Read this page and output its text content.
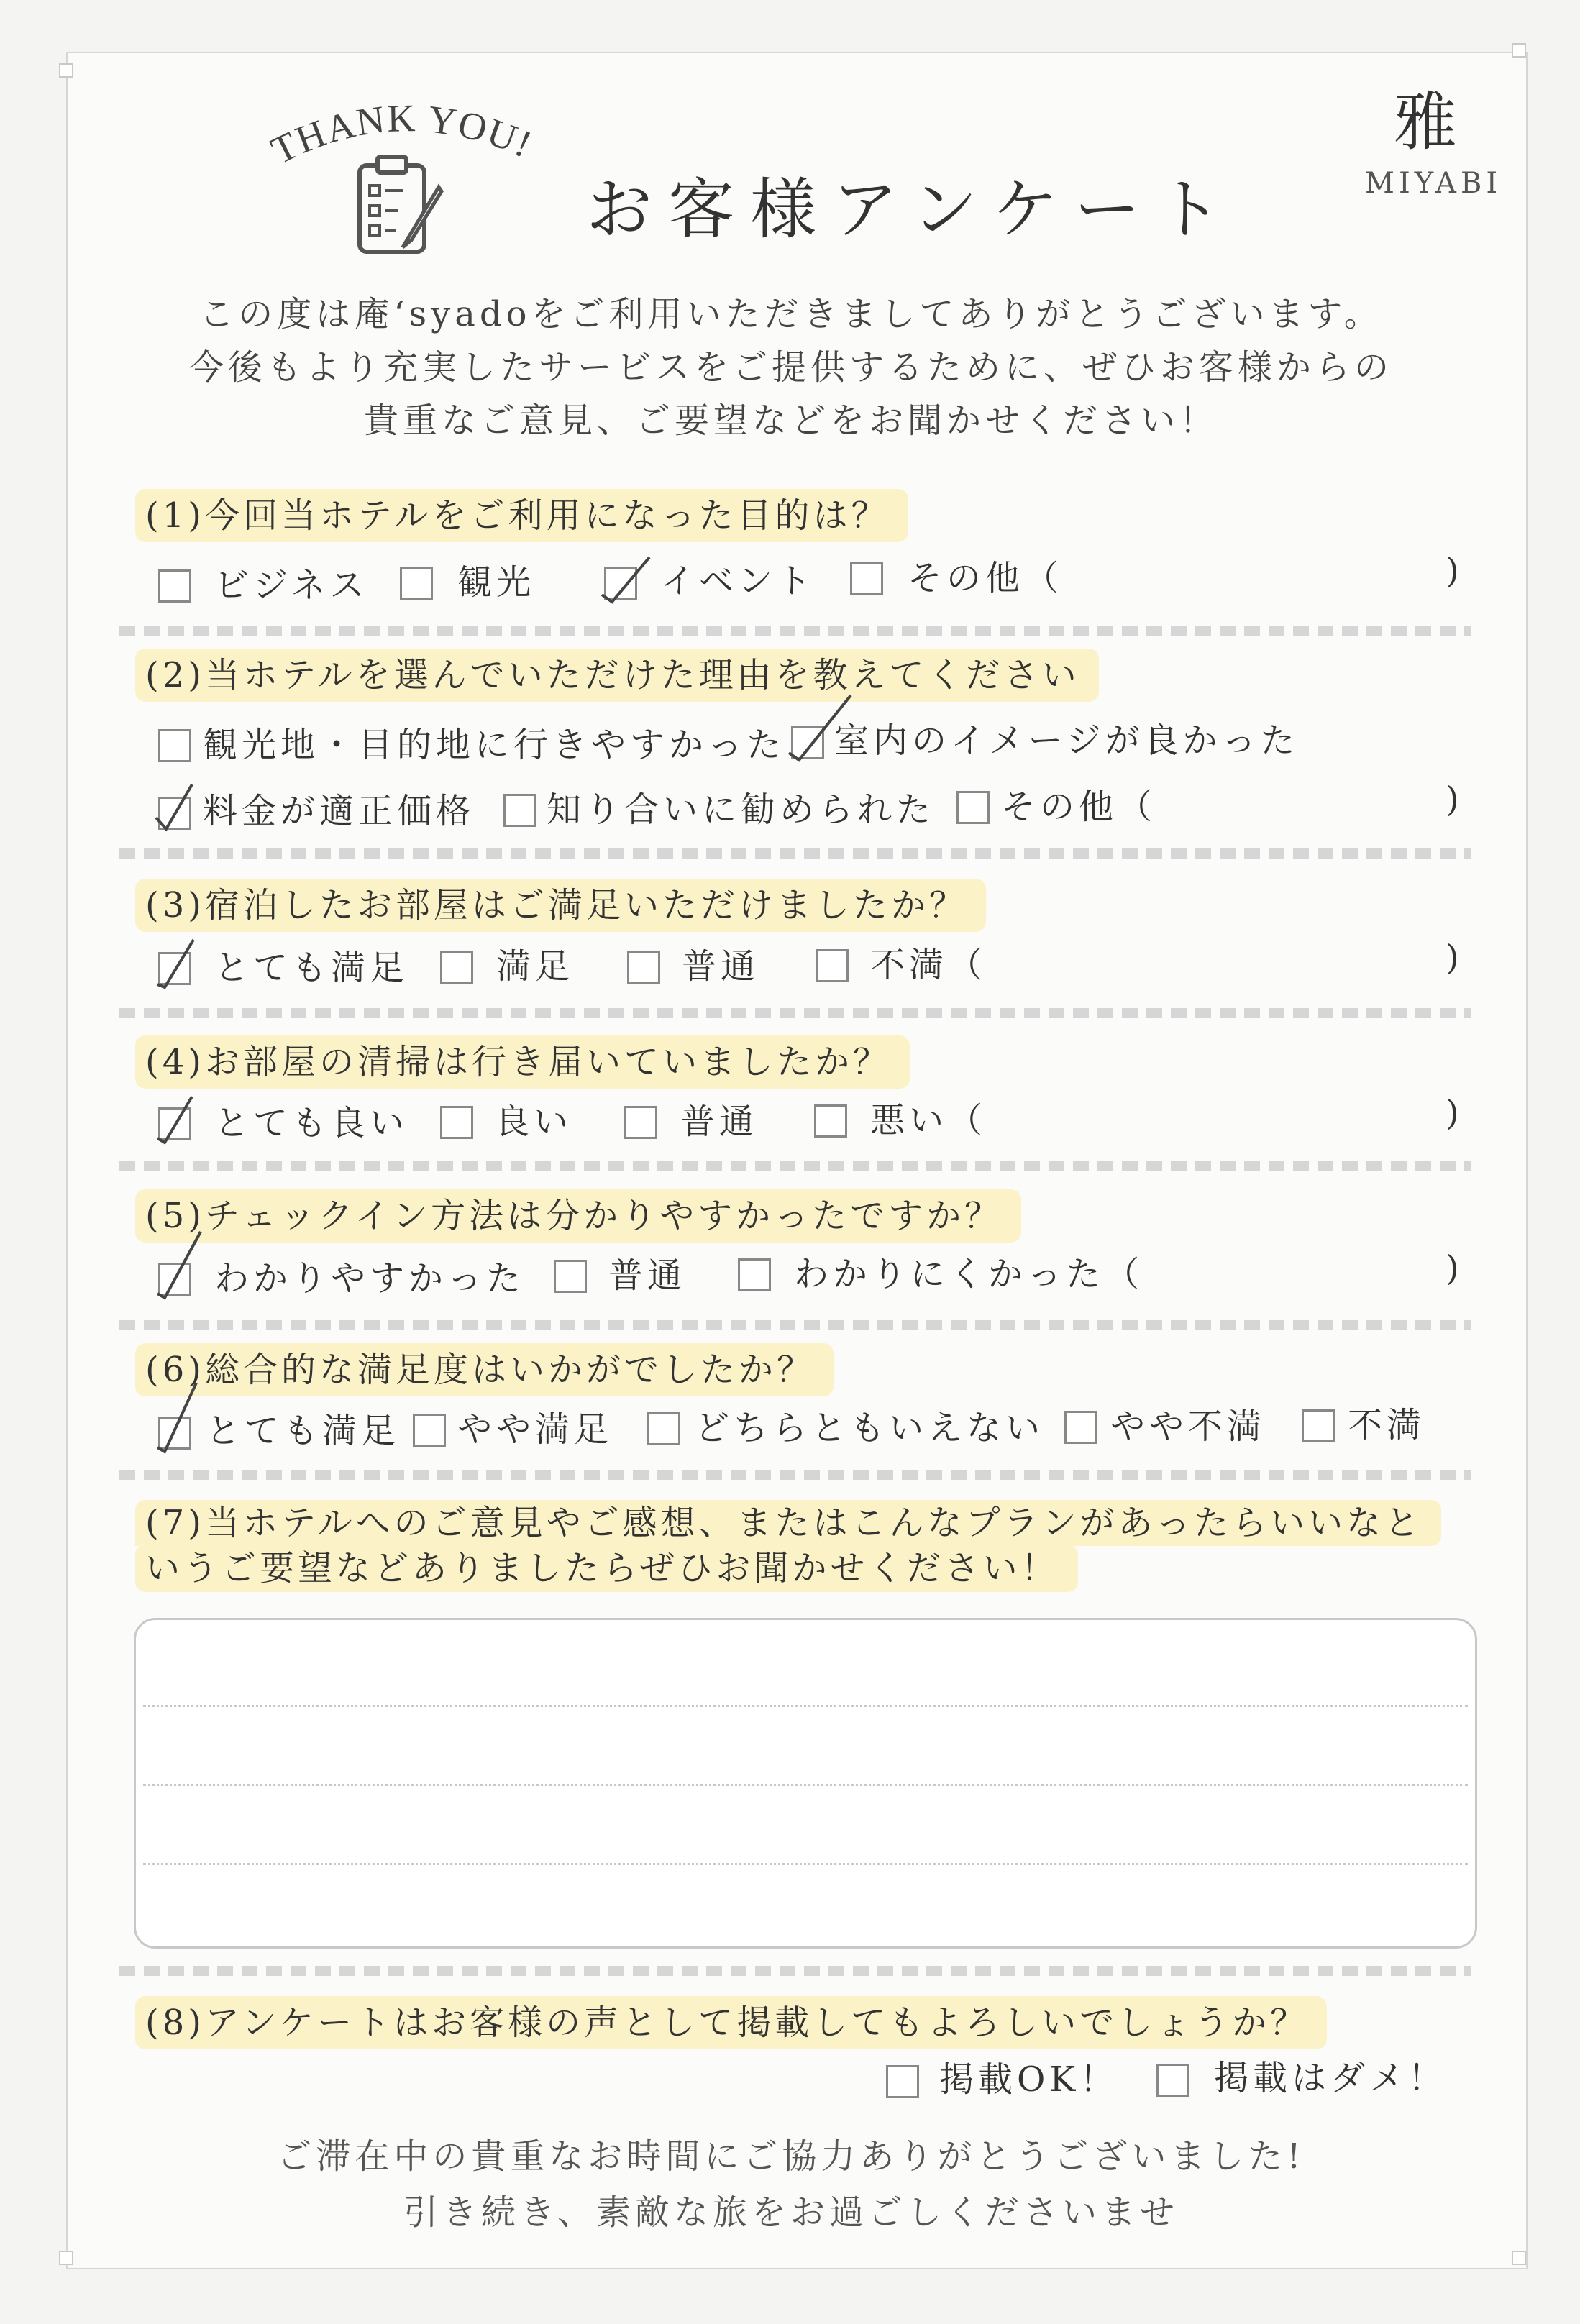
THANK YOU!
お客様アンケート
雅
MIYABI
この度は庵‘syadoをご利用いただきましてありがとうございます。
今後もより充実したサービスをご提供するために、ぜひお客様からの
貴重なご意見、ご要望などをお聞かせください！
(1)今回当ホテルをご利用になった目的は？
ビジネス	観光	イベント	その他（	)
(2)当ホテルを選んでいただけた理由を教えてください
観光地・目的地に行きやすかった 室内のイメージが良かった
料金が適正価格 知り合いに勧められた その他（	)
(3)宿泊したお部屋はご満足いただけましたか？
とても満足	満足	普通	不満（	)
(4)お部屋の清掃は行き届いていましたか？
とても良い 良い	普通	悪い（	)
(5)チェックイン方法は分かりやすかったですか？
わかりやすかった 普通	わかりにくかった（	)
(6)総合的な満足度はいかがでしたか？
とても満足 やや満足 どちらともいえない やや不満 不満
(7)当ホテルへのご意見やご感想、またはこんなプランがあったらいいなと
いうご要望などありましたらぜひお聞かせください！
(8)アンケートはお客様の声として掲載してもよろしいでしょうか？
掲載OK！	掲載はダメ！
ご滞在中の貴重なお時間にご協力ありがとうございました!
引き続き、素敵な旅をお過ごしくださいませ
